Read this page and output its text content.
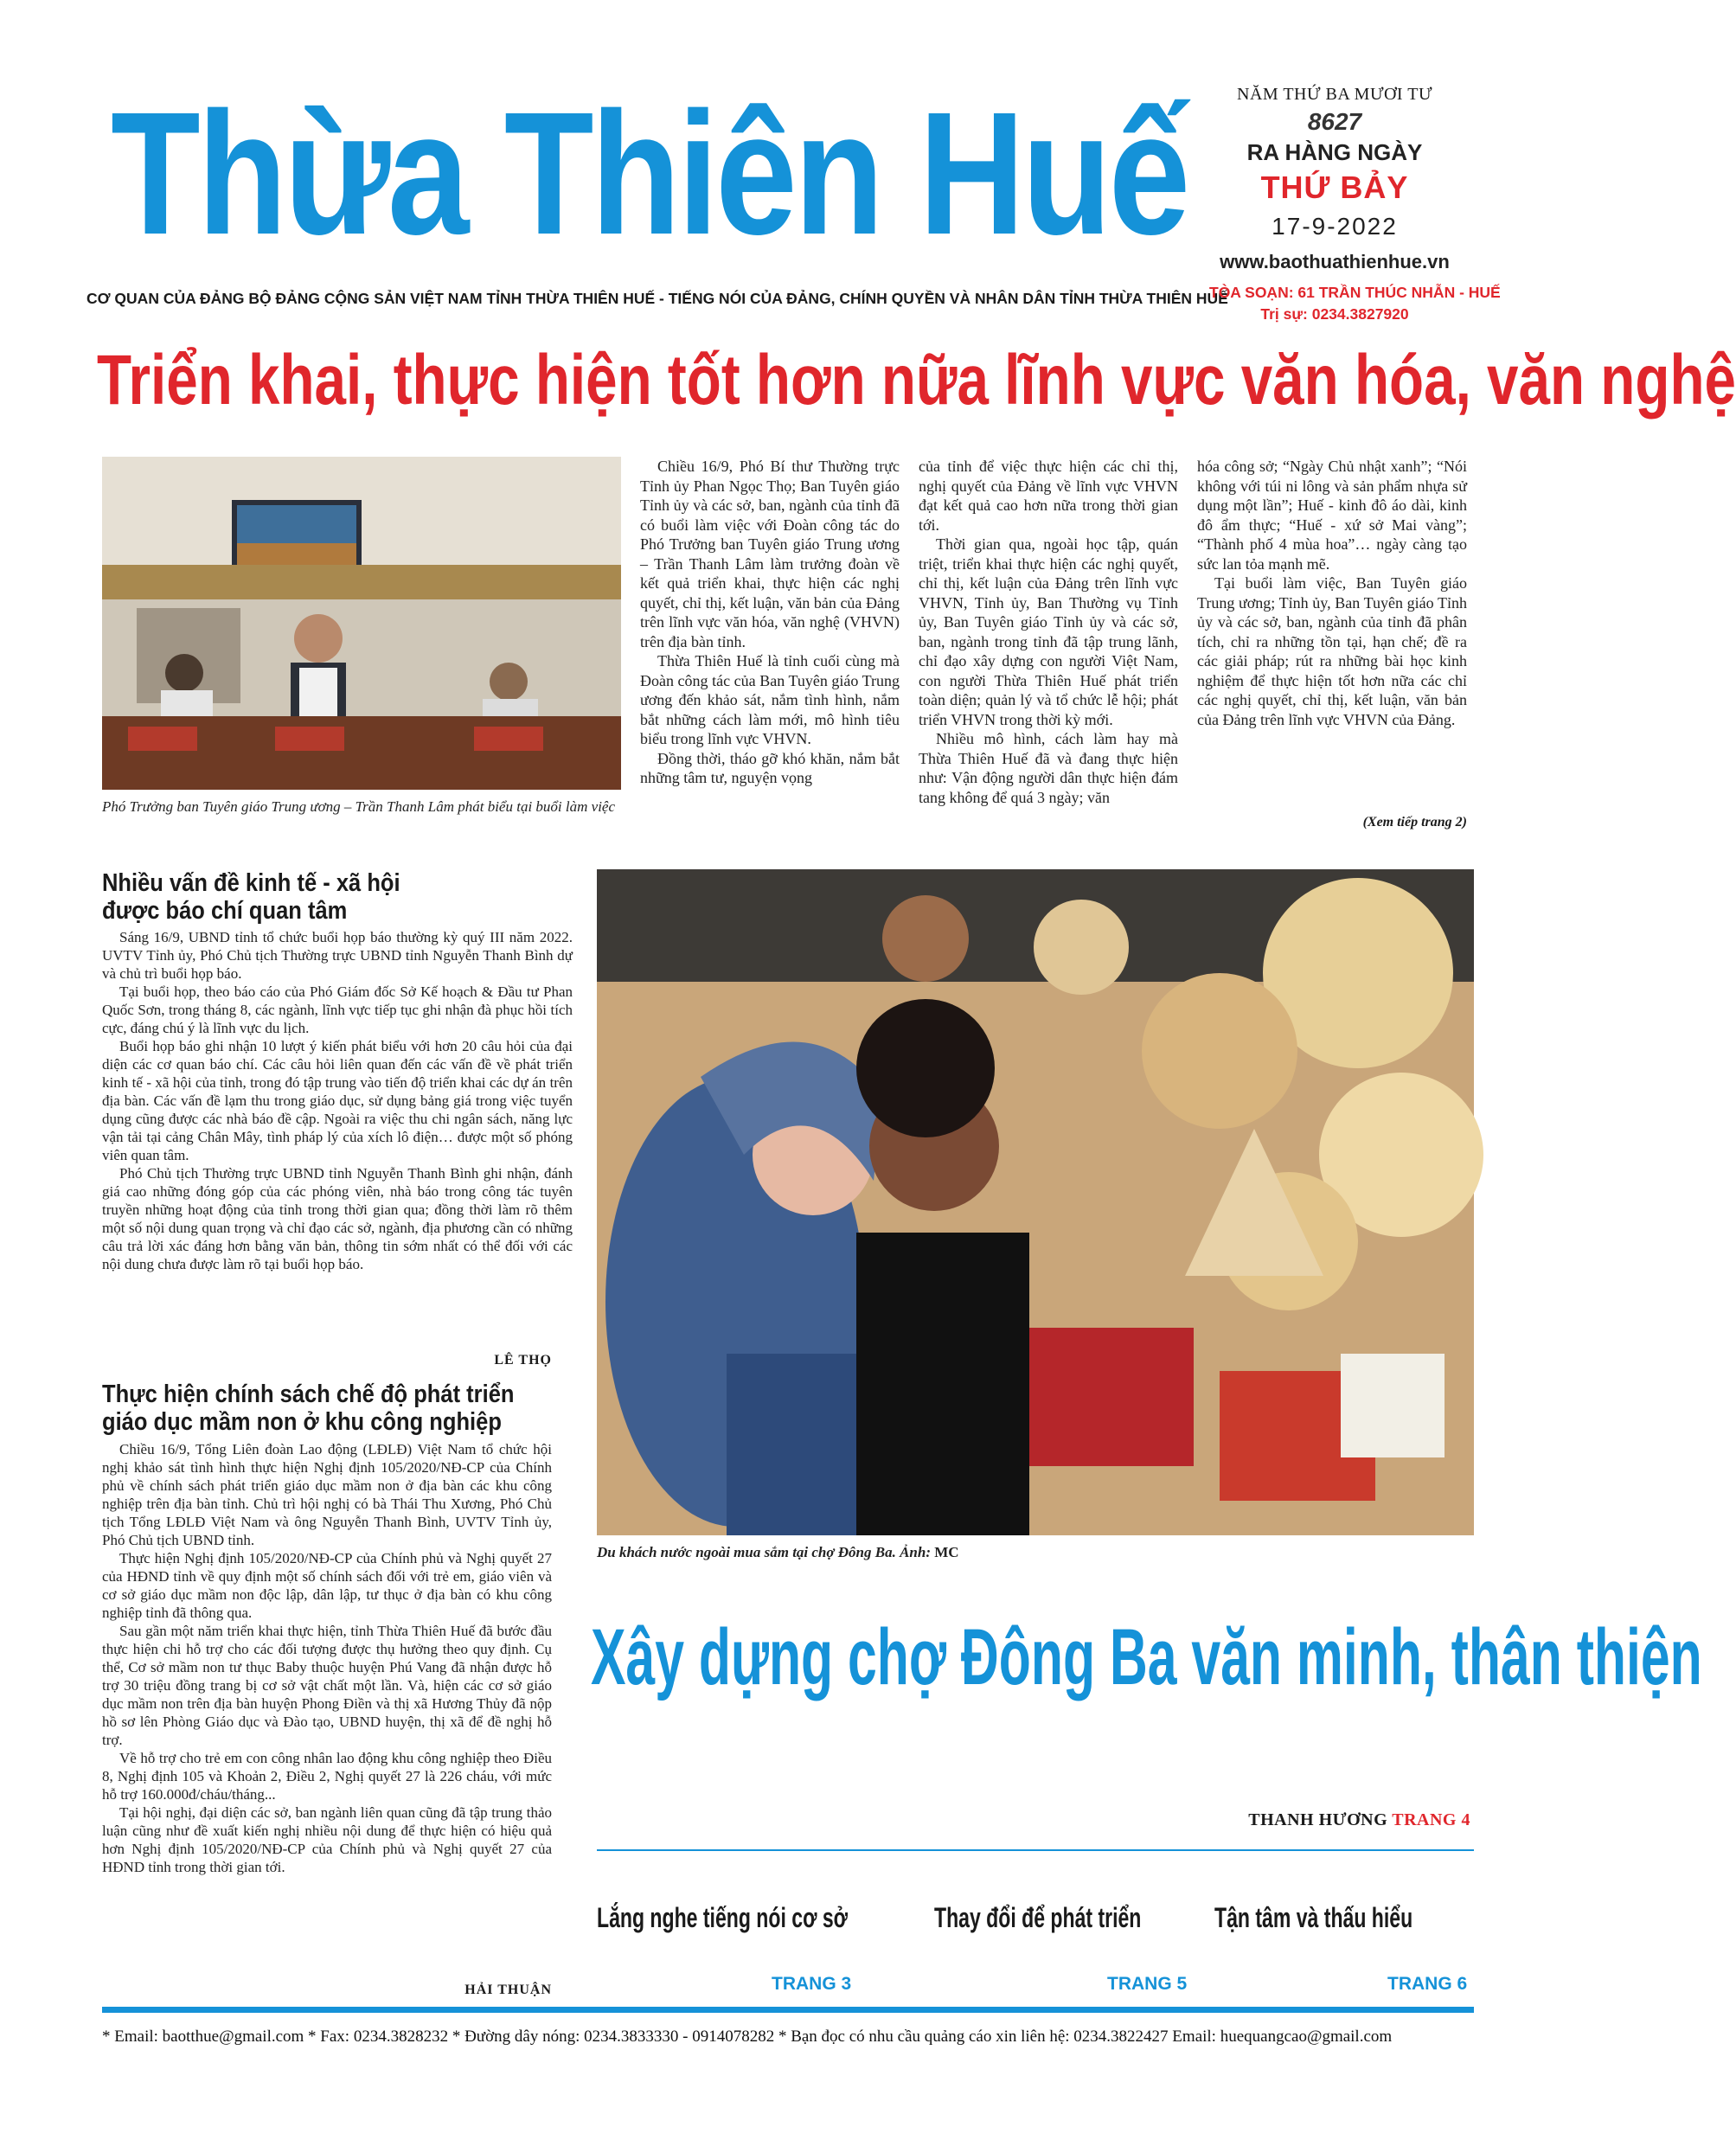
Thừa Thiên Huế	NĂM THỨ BA MƯƠI TƯ
8627
RA HÀNG NGÀY
THỨ BẢY
17-9-2022
www.baothuathienhue.vn
CƠ QUAN CỦA ĐẢNG BỘ ĐẢNG CỘNG SẢN VIỆT NAM TỈNH THỪA THIÊN HUẾ - TIẾNG NÓI CỦA ĐẢNG, CHÍNH QUYỀN VÀ NHÂN DÂN TỈNH THỪA THIÊN HUẾ
TÒA SOẠN: 61 TRẦN THÚC NHẪN - HUẾ
Trị sự: 0234.3827920
Triển khai, thực hiện tốt hơn nữa lĩnh vực văn hóa, văn nghệ
Phó Trưởng ban Tuyên giáo Trung ương – Trần Thanh Lâm phát biểu tại buổi làm việc

Chiều 16/9, Phó Bí thư Thường trực Tỉnh ủy Phan Ngọc Thọ; Ban Tuyên giáo Tỉnh ủy và các sở, ban, ngành của tỉnh đã có buổi làm việc với Đoàn công tác do Phó Trưởng ban Tuyên giáo Trung ương – Trần Thanh Lâm làm trưởng đoàn về kết quả triển khai, thực hiện các nghị quyết, chỉ thị, kết luận, văn bản của Đảng trên lĩnh vực văn hóa, văn nghệ (VHVN) trên địa bàn tỉnh.

Thừa Thiên Huế là tỉnh cuối cùng mà Đoàn công tác của Ban Tuyên giáo Trung ương đến khảo sát, nắm tình hình, nắm bắt những cách làm mới, mô hình tiêu biểu trong lĩnh vực VHVN.

Đồng thời, tháo gỡ khó khăn, nắm bắt những tâm tư, nguyện vọng

của tỉnh để việc thực hiện các chỉ thị, nghị quyết của Đảng về lĩnh vực VHVN đạt kết quả cao hơn nữa trong thời gian tới.

Thời gian qua, ngoài học tập, quán triệt, triển khai thực hiện các nghị quyết, chỉ thị, kết luận của Đảng trên lĩnh vực VHVN, Tỉnh ủy, Ban Thường vụ Tỉnh ủy, Ban Tuyên giáo Tỉnh ủy và các sở, ban, ngành trong tỉnh đã tập trung lãnh, chỉ đạo xây dựng con người Việt Nam, con người Thừa Thiên Huế phát triển toàn diện; quản lý và tổ chức lễ hội; phát triển VHVN trong thời kỳ mới.

Nhiều mô hình, cách làm hay mà Thừa Thiên Huế đã và đang thực hiện như: Vận động người dân thực hiện đám tang không để quá 3 ngày; văn

hóa công sở; “Ngày Chủ nhật xanh”; “Nói không với túi ni lông và sản phẩm nhựa sử dụng một lần”; Huế - kinh đô áo dài, kinh đô ẩm thực; “Huế - xứ sở Mai vàng”; “Thành phố 4 mùa hoa”… ngày càng tạo sức lan tỏa mạnh mẽ.

Tại buổi làm việc, Ban Tuyên giáo Trung ương; Tỉnh ủy, Ban Tuyên giáo Tỉnh ủy và các sở, ban, ngành của tỉnh đã phân tích, chỉ ra những tồn tại, hạn chế; đề ra các giải pháp; rút ra những bài học kinh nghiệm để thực hiện tốt hơn nữa các chỉ các nghị quyết, chỉ thị, kết luận, văn bản của Đảng trên lĩnh vực VHVN của Đảng.

(Xem tiếp trang 2)
Nhiều vấn đề kinh tế - xã hội
được báo chí quan tâm

Sáng 16/9, UBND tỉnh tổ chức buổi họp báo thường kỳ quý III năm 2022. UVTV Tỉnh ủy, Phó Chủ tịch Thường trực UBND tỉnh Nguyễn Thanh Bình dự và chủ trì buổi họp báo.

Tại buổi họp, theo báo cáo của Phó Giám đốc Sở Kế hoạch & Đầu tư Phan Quốc Sơn, trong tháng 8, các ngành, lĩnh vực tiếp tục ghi nhận đà phục hồi tích cực, đáng chú ý là lĩnh vực du lịch.

Buổi họp báo ghi nhận 10 lượt ý kiến phát biểu với hơn 20 câu hỏi của đại diện các cơ quan báo chí. Các câu hỏi liên quan đến các vấn đề về phát triển kinh tế - xã hội của tỉnh, trong đó tập trung vào tiến độ triển khai các dự án trên địa bàn. Các vấn đề lạm thu trong giáo dục, sử dụng bảng giá trong việc tuyển dụng cũng được các nhà báo đề cập. Ngoài ra việc thu chi ngân sách, năng lực vận tải tại cảng Chân Mây, tình pháp lý của xích lô điện… được một số phóng viên quan tâm.

Phó Chủ tịch Thường trực UBND tỉnh Nguyễn Thanh Bình ghi nhận, đánh giá cao những đóng góp của các phóng viên, nhà báo trong công tác tuyên truyền những hoạt động của tỉnh trong thời gian qua; đồng thời làm rõ thêm một số nội dung quan trọng và chỉ đạo các sở, ngành, địa phương cần có những câu trả lời xác đáng hơn bằng văn bản, thông tin sớm nhất có thể đối với các nội dung chưa được làm rõ tại buổi họp báo.

LÊ THỌ
Thực hiện chính sách chế độ phát triển
giáo dục mầm non ở khu công nghiệp

Chiều 16/9, Tổng Liên đoàn Lao động (LĐLĐ) Việt Nam tổ chức hội nghị khảo sát tình hình thực hiện Nghị định 105/2020/NĐ-CP của Chính phủ về chính sách phát triển giáo dục mầm non ở địa bàn các khu công nghiệp trên địa bàn tỉnh. Chủ trì hội nghị có bà Thái Thu Xương, Phó Chủ tịch Tổng LĐLĐ Việt Nam và ông Nguyễn Thanh Bình, UVTV Tỉnh ủy, Phó Chủ tịch UBND tỉnh.

Thực hiện Nghị định 105/2020/NĐ-CP của Chính phủ và Nghị quyết 27 của HĐND tỉnh về quy định một số chính sách đối với trẻ em, giáo viên và cơ sở giáo dục mầm non độc lập, dân lập, tư thục ở địa bàn có khu công nghiệp tỉnh đã thông qua.

Sau gần một năm triển khai thực hiện, tỉnh Thừa Thiên Huế đã bước đầu thực hiện chi hỗ trợ cho các đối tượng được thụ hưởng theo quy định. Cụ thể, Cơ sở mầm non tư thục Baby thuộc huyện Phú Vang đã nhận được hỗ trợ 30 triệu đồng trang bị cơ sở vật chất một lần. Và, hiện các cơ sở giáo dục mầm non trên địa bàn huyện Phong Điền và thị xã Hương Thủy đã nộp hồ sơ lên Phòng Giáo dục và Đào tạo, UBND huyện, thị xã để đề nghị hỗ trợ.

Về hỗ trợ cho trẻ em con công nhân lao động khu công nghiệp theo Điều 8, Nghị định 105 và Khoản 2, Điều 2, Nghị quyết 27 là 226 cháu, với mức hỗ trợ 160.000đ/cháu/tháng...

Tại hội nghị, đại diện các sở, ban ngành liên quan cũng đã tập trung thảo luận cũng như đề xuất kiến nghị nhiều nội dung để thực hiện có hiệu quả hơn Nghị định 105/2020/NĐ-CP của Chính phủ và Nghị quyết 27 của HĐND tỉnh trong thời gian tới.

HẢI THUẬN
Du khách nước ngoài mua sắm tại chợ Đông Ba. Ảnh: MC
Xây dựng chợ Đông Ba văn minh, thân thiện
THANH HƯƠNG TRANG 4
Lắng nghe tiếng nói cơ sở	Thay đổi để phát triển	Tận tâm và thấu hiểu
TRANG 3	TRANG 5	TRANG 6
* Email: baotthue@gmail.com * Fax: 0234.3828232 * Đường dây nóng: 0234.3833330 - 0914078282 * Bạn đọc có nhu cầu quảng cáo xin liên hệ: 0234.3822427 Email: huequangcao@gmail.com
